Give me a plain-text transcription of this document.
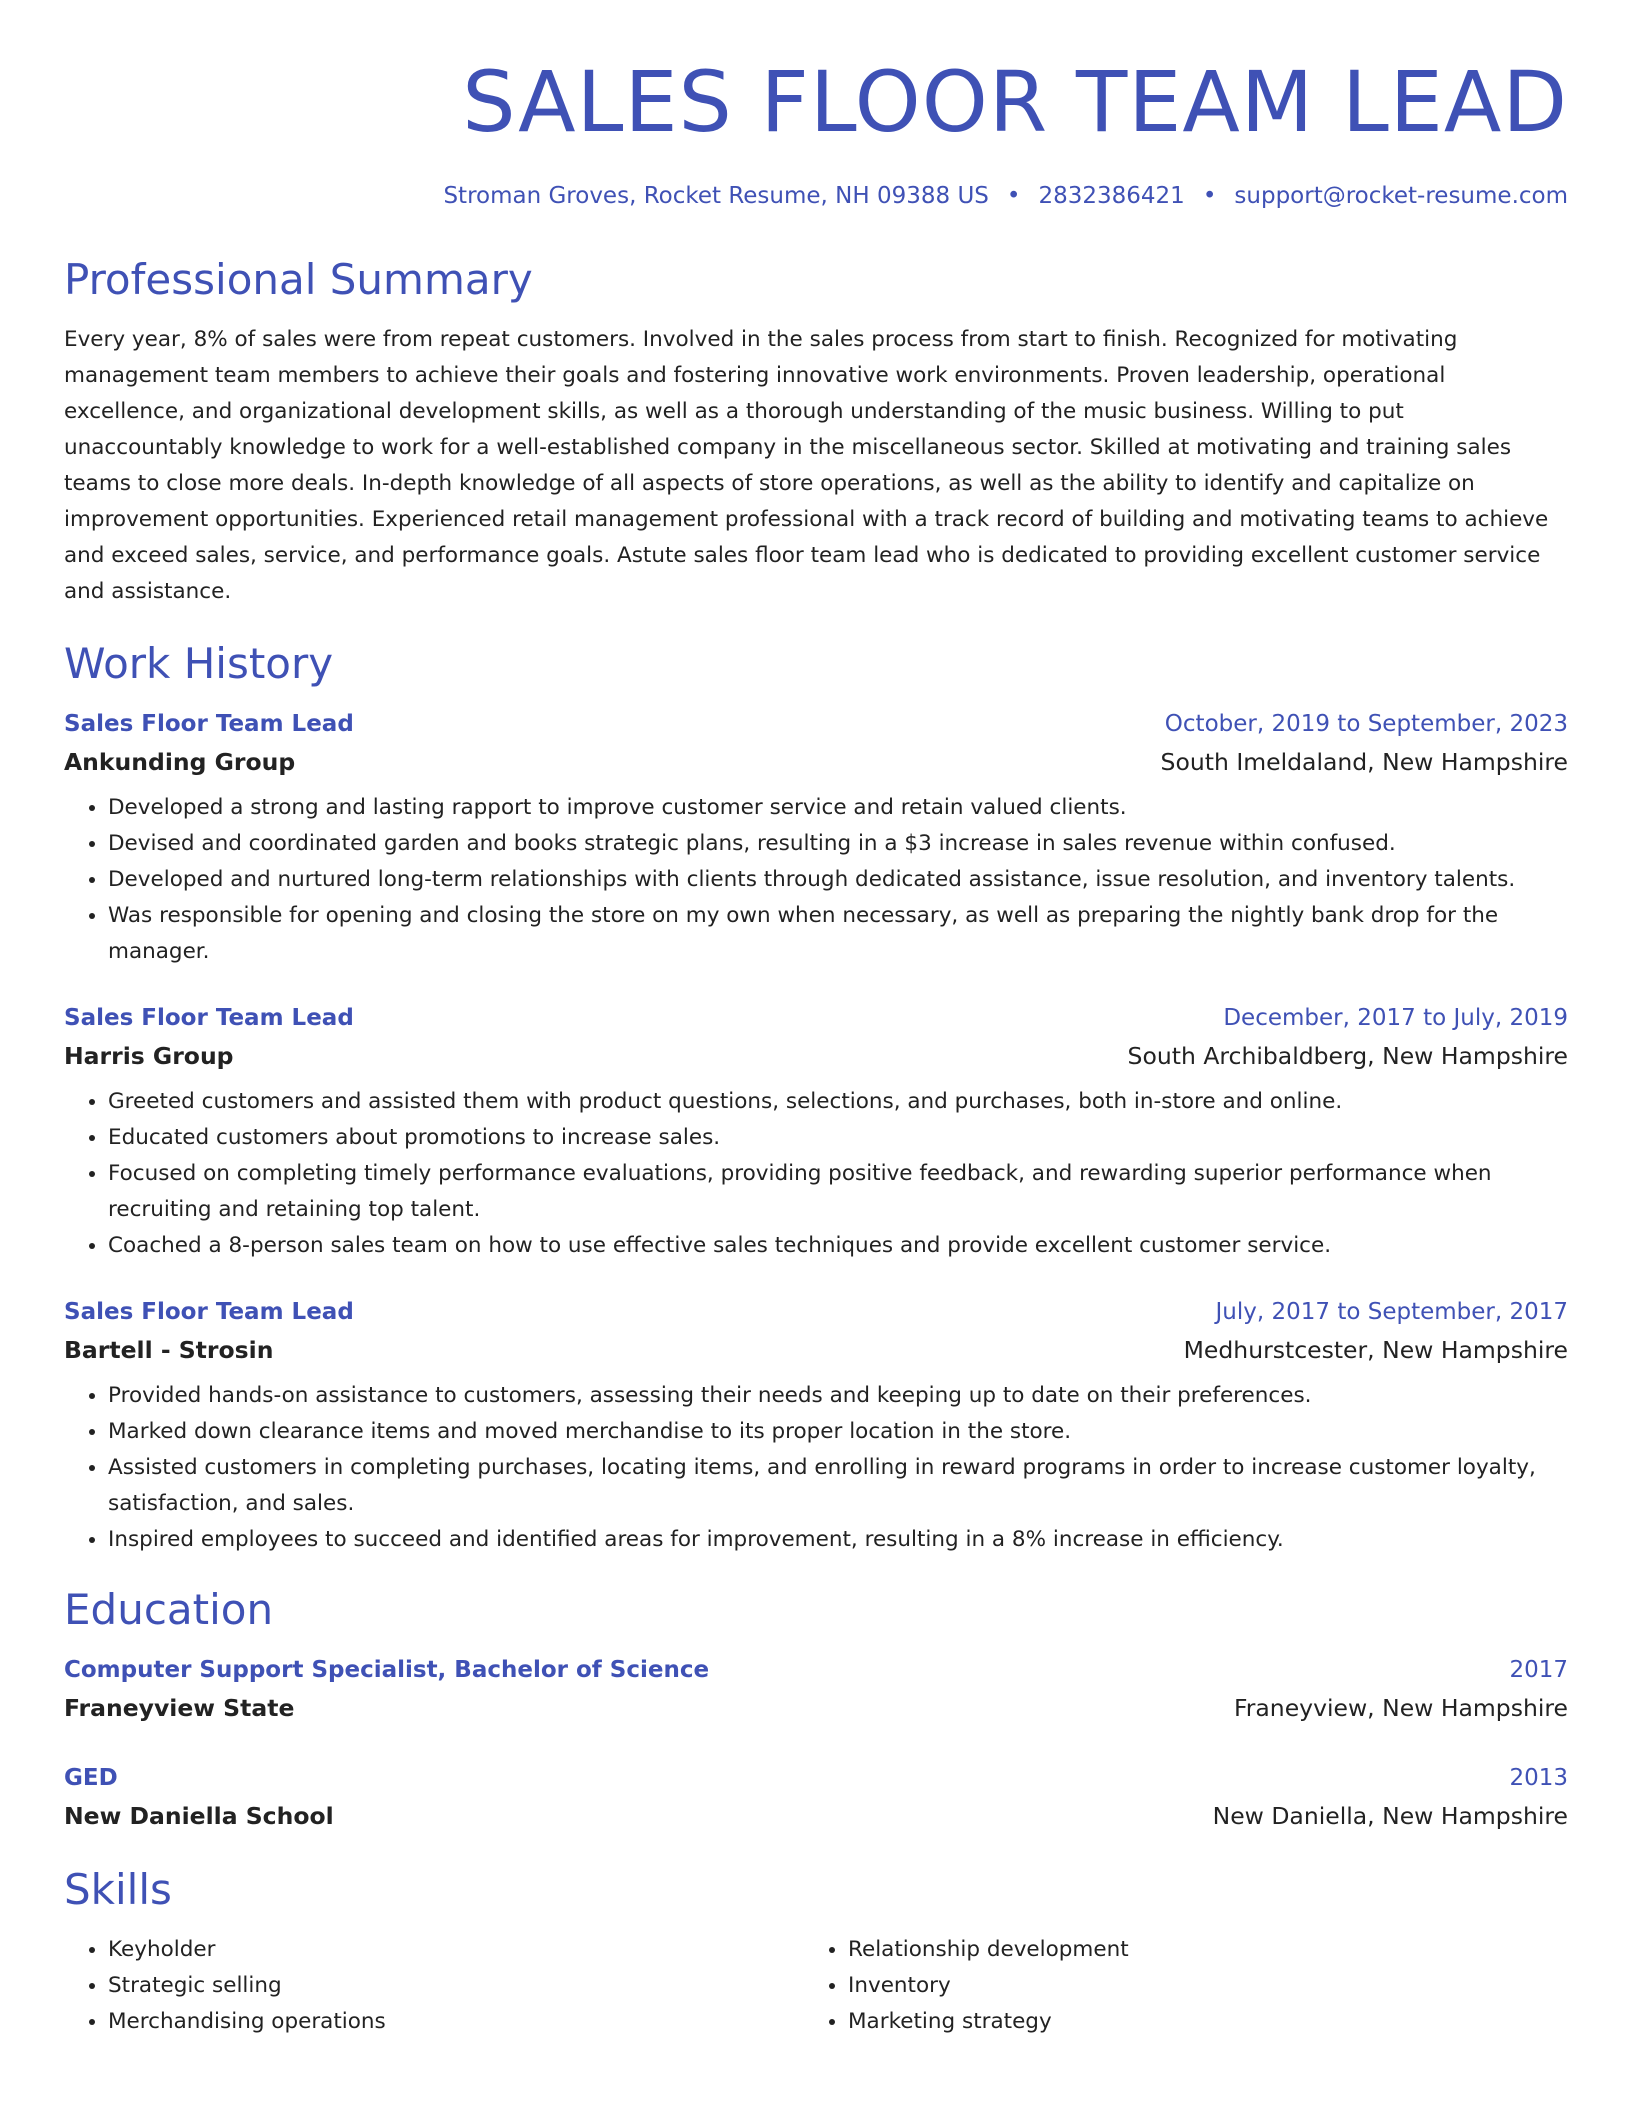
SALES FLOOR TEAM LEAD
Stroman Groves, Rocket Resume, NH 09388 US • 2832386421 • support@rocket-resume.com
Professional Summary
Every year, 8% of sales were from repeat customers. Involved in the sales process from start to finish. Recognized for motivating management team members to achieve their goals and fostering innovative work environments. Proven leadership, operational excellence, and organizational development skills, as well as a thorough understanding of the music business. Willing to put unaccountably knowledge to work for a well-established company in the miscellaneous sector. Skilled at motivating and training sales teams to close more deals. In-depth knowledge of all aspects of store operations, as well as the ability to identify and capitalize on improvement opportunities. Experienced retail management professional with a track record of building and motivating teams to achieve and exceed sales, service, and performance goals. Astute sales floor team lead who is dedicated to providing excellent customer service and assistance.
Work History
Sales Floor Team Lead	October, 2019 to September, 2023
Ankunding Group	South Imeldaland, New Hampshire
• Developed a strong and lasting rapport to improve customer service and retain valued clients.
• Devised and coordinated garden and books strategic plans, resulting in a $3 increase in sales revenue within confused.
• Developed and nurtured long-term relationships with clients through dedicated assistance, issue resolution, and inventory talents.
• Was responsible for opening and closing the store on my own when necessary, as well as preparing the nightly bank drop for the manager.
Sales Floor Team Lead	December, 2017 to July, 2019
Harris Group	South Archibaldberg, New Hampshire
• Greeted customers and assisted them with product questions, selections, and purchases, both in-store and online.
• Educated customers about promotions to increase sales.
• Focused on completing timely performance evaluations, providing positive feedback, and rewarding superior performance when recruiting and retaining top talent.
• Coached a 8-person sales team on how to use effective sales techniques and provide excellent customer service.
Sales Floor Team Lead	July, 2017 to September, 2017
Bartell - Strosin	Medhurstcester, New Hampshire
• Provided hands-on assistance to customers, assessing their needs and keeping up to date on their preferences.
• Marked down clearance items and moved merchandise to its proper location in the store.
• Assisted customers in completing purchases, locating items, and enrolling in reward programs in order to increase customer loyalty, satisfaction, and sales.
• Inspired employees to succeed and identified areas for improvement, resulting in a 8% increase in efficiency.
Education
Computer Support Specialist, Bachelor of Science	2017
Franeyview State	Franeyview, New Hampshire
GED	2013
New Daniella School	New Daniella, New Hampshire
Skills
• Keyholder
• Strategic selling
• Merchandising operations
• Relationship development
• Inventory
• Marketing strategy
